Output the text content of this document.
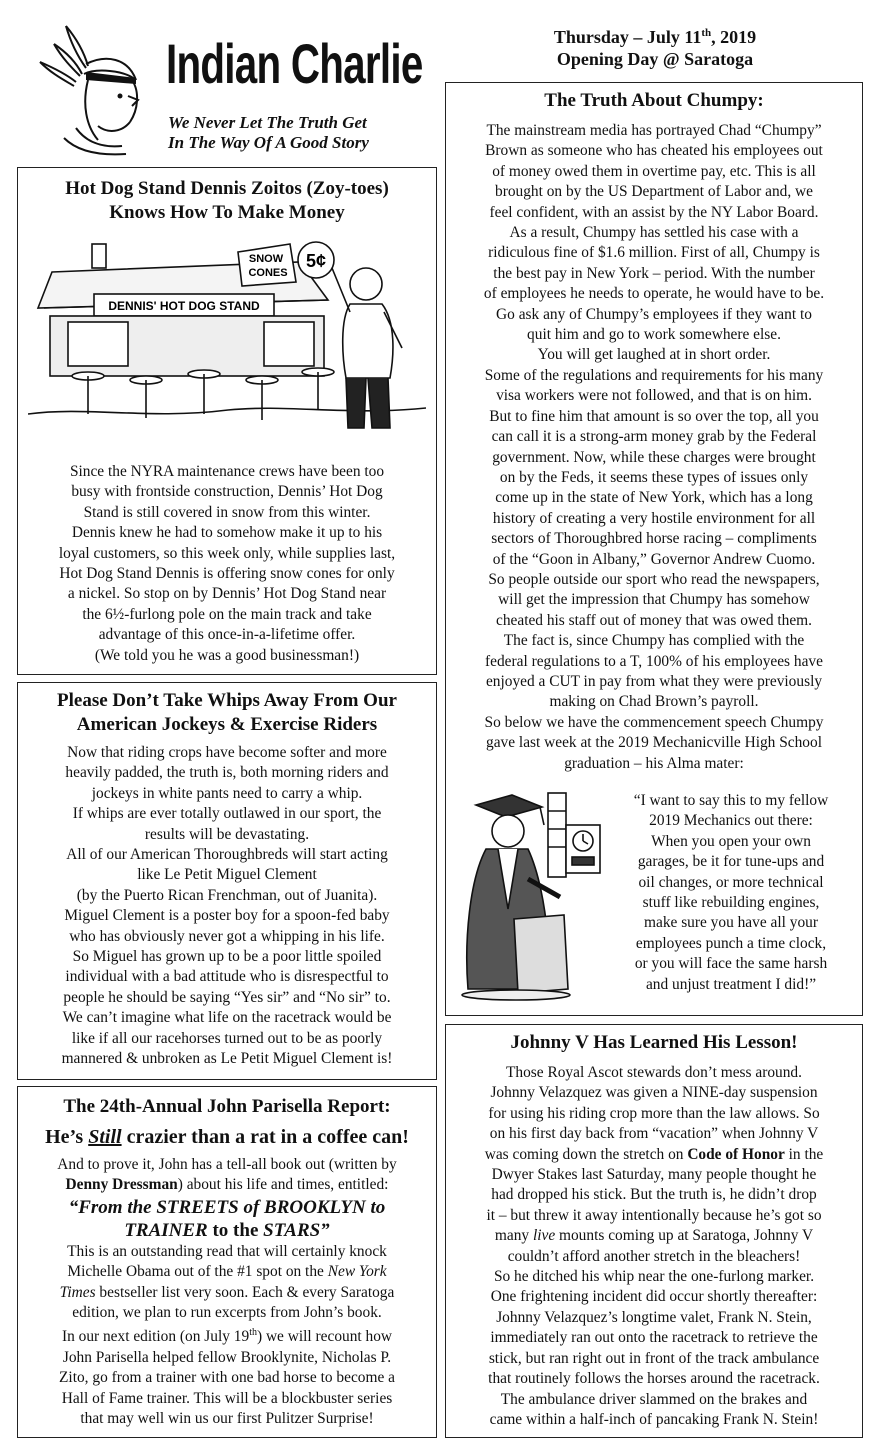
Indian Charlie
We Never Let The Truth Get
In The Way Of A Good Story
Thursday – July 11th, 2019
Opening Day @ Saratoga
Hot Dog Stand Dennis Zoitos (Zoy-toes)
Knows How To Make Money
DENNIS' HOT DOG STAND
SNOW
CONES
5¢

Since the NYRA maintenance crews have been too

busy with frontside construction, Dennis’ Hot Dog

Stand is still covered in snow from this winter.

Dennis knew he had to somehow make it up to his

loyal customers, so this week only, while supplies last,

Hot Dog Stand Dennis is offering snow cones for only

a nickel. So stop on by Dennis’ Hot Dog Stand near

the 6½-furlong pole on the main track and take

advantage of this once-in-a-lifetime offer.

(We told you he was a good businessman!)

Please Don’t Take Whips Away From Our
American Jockeys & Exercise Riders

Now that riding crops have become softer and more

heavily padded, the truth is, both morning riders and

jockeys in white pants need to carry a whip.

If whips are ever totally outlawed in our sport, the

results will be devastating.

All of our American Thoroughbreds will start acting

like Le Petit Miguel Clement

(by the Puerto Rican Frenchman, out of Juanita).

Miguel Clement is a poster boy for a spoon-fed baby

who has obviously never got a whipping in his life.

So Miguel has grown up to be a poor little spoiled

individual with a bad attitude who is disrespectful to

people he should be saying “Yes sir” and “No sir” to.

We can’t imagine what life on the racetrack would be

like if all our racehorses turned out to be as poorly

mannered & unbroken as Le Petit Miguel Clement is!

The 24th-Annual John Parisella Report:
He’s Still crazier than a rat in a coffee can!

And to prove it, John has a tell-all book out (written by

Denny Dressman) about his life and times, entitled:

“From the STREETS of BROOKLYN to

TRAINER to the STARS”

This is an outstanding read that will certainly knock

Michelle Obama out of the #1 spot on the New York

Times bestseller list very soon. Each & every Saratoga

edition, we plan to run excerpts from John’s book.

In our next edition (on July 19th) we will recount how

John Parisella helped fellow Brooklynite, Nicholas P.

Zito, go from a trainer with one bad horse to become a

Hall of Fame trainer. This will be a blockbuster series

that may well win us our first Pulitzer Surprise!

The Truth About Chumpy:

The mainstream media has portrayed Chad “Chumpy”

Brown as someone who has cheated his employees out

of money owed them in overtime pay, etc. This is all

brought on by the US Department of Labor and, we

feel confident, with an assist by the NY Labor Board.

As a result, Chumpy has settled his case with a

ridiculous fine of $1.6 million. First of all, Chumpy is

the best pay in New York – period. With the number

of employees he needs to operate, he would have to be.

Go ask any of Chumpy’s employees if they want to

quit him and go to work somewhere else.

You will get laughed at in short order.

Some of the regulations and requirements for his many

visa workers were not followed, and that is on him.

But to fine him that amount is so over the top, all you

can call it is a strong-arm money grab by the Federal

government. Now, while these charges were brought

on by the Feds, it seems these types of issues only

come up in the state of New York, which has a long

history of creating a very hostile environment for all

sectors of Thoroughbred horse racing – compliments

of the “Goon in Albany,” Governor Andrew Cuomo.

So people outside our sport who read the newspapers,

will get the impression that Chumpy has somehow

cheated his staff out of money that was owed them.

The fact is, since Chumpy has complied with the

federal regulations to a T, 100% of his employees have

enjoyed a CUT in pay from what they were previously

making on Chad Brown’s payroll.

So below we have the commencement speech Chumpy

gave last week at the 2019 Mechanicville High School

graduation – his Alma mater:

“I want to say this to my fellow

2019 Mechanics out there:

When you open your own

garages, be it for tune-ups and

oil changes, or more technical

stuff like rebuilding engines,

make sure you have all your

employees punch a time clock,

or you will face the same harsh

and unjust treatment I did!”

Johnny V Has Learned His Lesson!

Those Royal Ascot stewards don’t mess around.

Johnny Velazquez was given a NINE-day suspension

for using his riding crop more than the law allows. So

on his first day back from “vacation” when Johnny V

was coming down the stretch on Code of Honor in the

Dwyer Stakes last Saturday, many people thought he

had dropped his stick. But the truth is, he didn’t drop

it – but threw it away intentionally because he’s got so

many live mounts coming up at Saratoga, Johnny V

couldn’t afford another stretch in the bleachers!

So he ditched his whip near the one-furlong marker.

One frightening incident did occur shortly thereafter:

Johnny Velazquez’s longtime valet, Frank N. Stein,

immediately ran out onto the racetrack to retrieve the

stick, but ran right out in front of the track ambulance

that routinely follows the horses around the racetrack.

The ambulance driver slammed on the brakes and

came within a half-inch of pancaking Frank N. Stein!
